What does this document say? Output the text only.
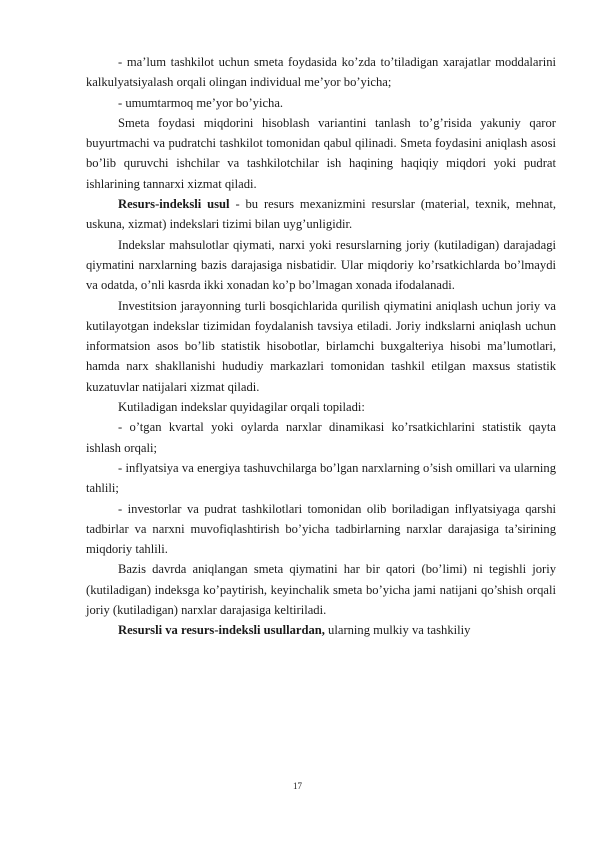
- ma’lum tashkilot uchun smeta foydasida ko’zda to’tiladigan xarajatlar moddalarini kalkulyatsiyalash orqali olingan individual me’yor bo’yicha;

- umumtarmoq me’yor bo’yicha.

Smeta foydasi miqdorini hisoblash variantini tanlash to’g’risida yakuniy qaror buyurtmachi va pudratchi tashkilot tomonidan qabul qilinadi. Smeta foydasini aniqlash asosi bo’lib quruvchi ishchilar va tashkilotchilar ish haqining haqiqiy miqdori yoki pudrat ishlarining tannarxi xizmat qiladi.

Resurs-indeksli usul - bu resurs mexanizmini resurslar (material, texnik, mehnat, uskuna, xizmat) indekslari tizimi bilan uyg’unligidir.

Indekslar mahsulotlar qiymati, narxi yoki resurslarning joriy (kutiladigan) darajadagi qiymatini narxlarning bazis darajasiga nisbatidir. Ular miqdoriy ko’rsatkichlarda bo’lmaydi va odatda, o’nli kasrda ikki xonadan ko’p bo’lmagan xonada ifodalanadi.

Investitsion jarayonning turli bosqichlarida qurilish qiymatini aniqlash uchun joriy va kutilayotgan indekslar tizimidan foydalanish tavsiya etiladi. Joriy indkslarni aniqlash uchun informatsion asos bo’lib statistik hisobotlar, birlamchi buxgalteriya hisobi ma’lumotlari, hamda narx shakllanishi hududiy markazlari tomonidan tashkil etilgan maxsus statistik kuzatuvlar natijalari xizmat qiladi.

Kutiladigan indekslar quyidagilar orqali topiladi:

- o’tgan kvartal yoki oylarda narxlar dinamikasi ko’rsatkichlarini statistik qayta ishlash orqali;

- inflyatsiya va energiya tashuvchilarga bo’lgan narxlarning o’sish omillari va ularning tahlili;

- investorlar va pudrat tashkilotlari tomonidan olib boriladigan inflyatsiyaga qarshi tadbirlar va narxni muvofiqlashtirish bo’yicha tadbirlarning narxlar darajasiga ta’sirining miqdoriy tahlili.

Bazis davrda aniqlangan smeta qiymatini har bir qatori (bo’limi) ni tegishli joriy (kutiladigan) indeksga ko’paytirish, keyinchalik smeta bo’yicha jami natijani qo’shish orqali joriy (kutiladigan) narxlar darajasiga keltiriladi.

Resursli va resurs-indeksli usullardan, ularning mulkiy va tashkiliy

17
